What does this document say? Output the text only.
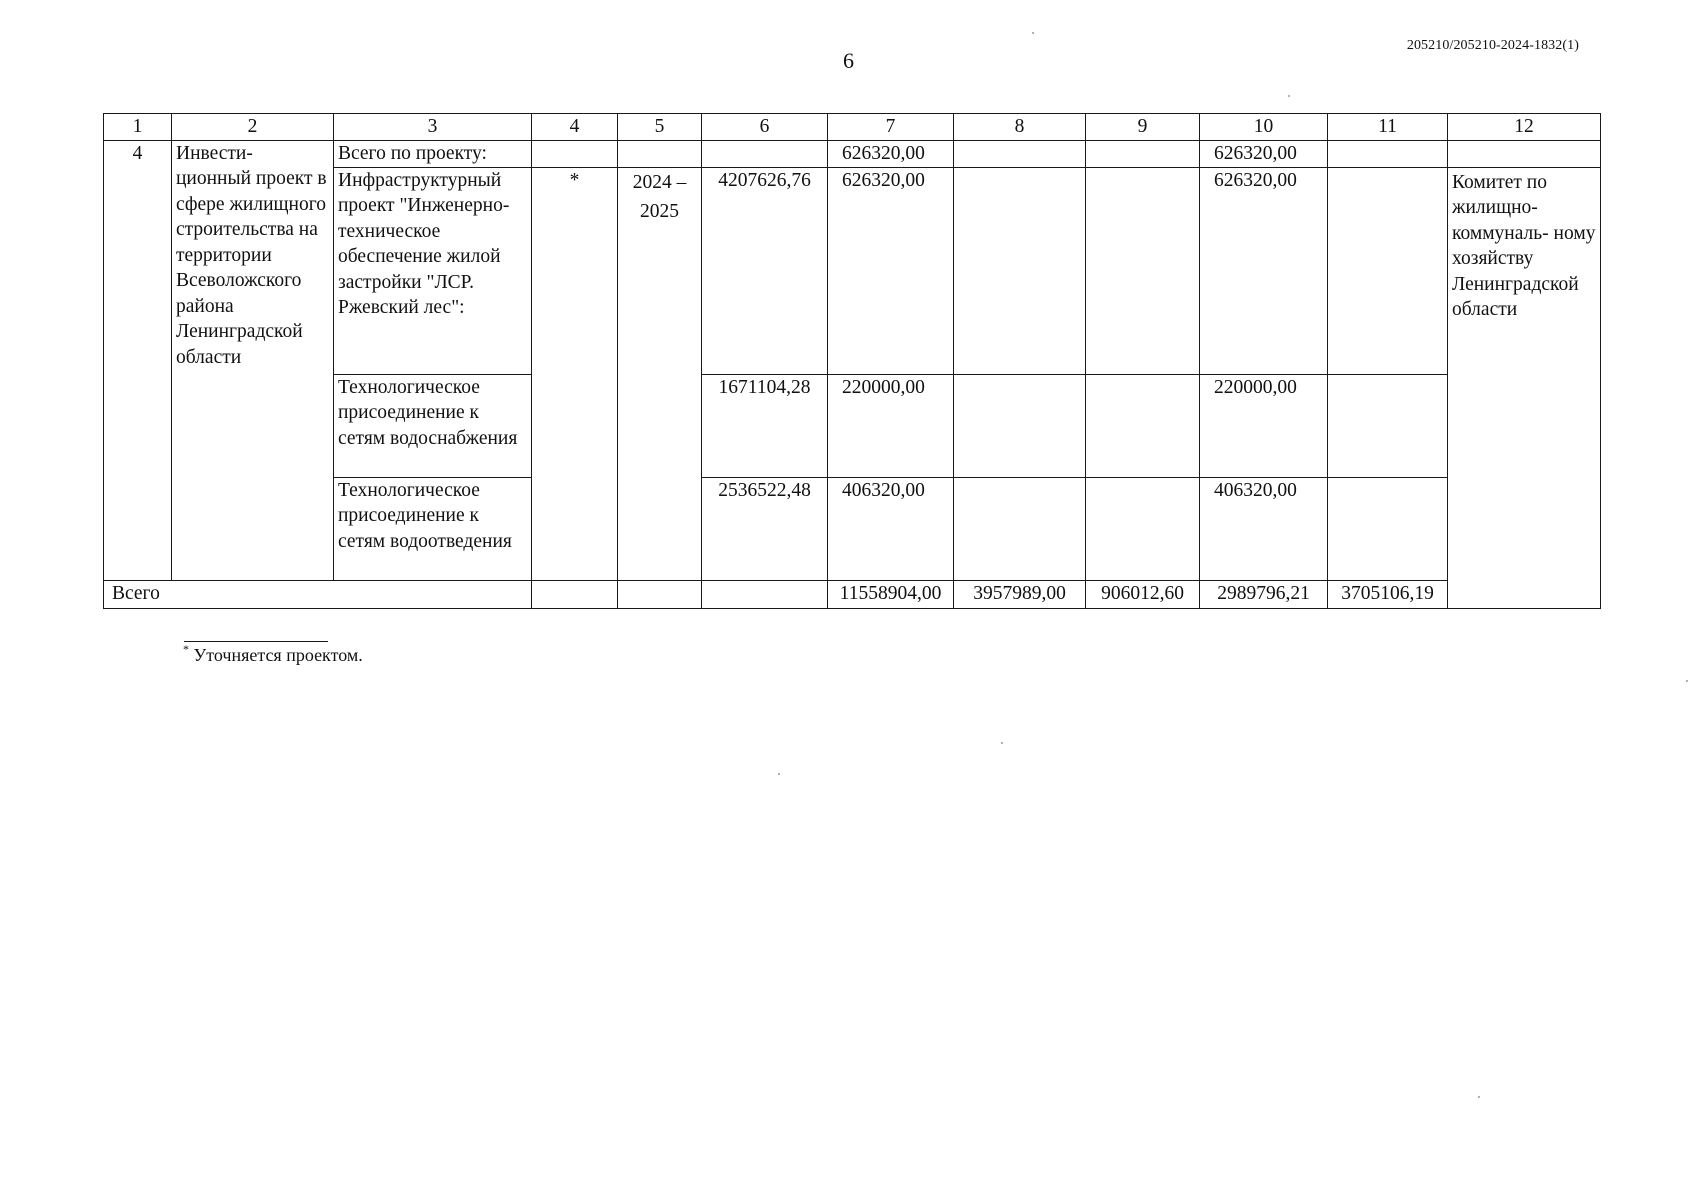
6
205210/205210-2024-1832(1)
1	2	3	4	5	6	7	8	9	10	11	12
4	Инвести- ционный проект в сфере жилищного строительства на территории Всеволожского района Ленинградской области	Всего по проекту:				626320,00			626320,00		
		Инфраструктурный проект "Инженерно- техническое обеспечение жилой застройки "ЛСР. Ржевский лес":	*	2024 – 2025	4207626,76	626320,00			626320,00		Комитет по жилищно- коммуналь- ному хозяйству Ленинградской области
		Технологическое присоединение к сетям водоснабжения			1671104,28	220000,00			220000,00		
		Технологическое присоединение к сетям водоотведения			2536522,48	406320,00			406320,00		
Всего						11558904,00	3957989,00	906012,60	2989796,21	3705106,19	
* Уточняется проектом.
